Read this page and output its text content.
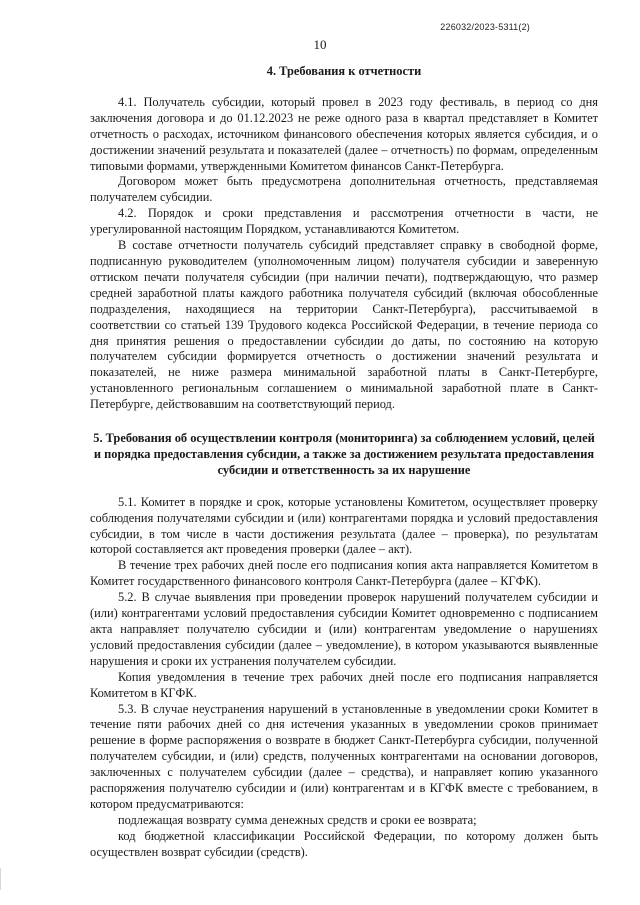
226032/2023-5311(2)
10

4. Требования к отчетности

4.1. Получатель субсидии, который провел в 2023 году фестиваль, в период со дня заключения договора и до 01.12.2023 не реже одного раза в квартал представляет в Комитет отчетность о расходах, источником финансового обеспечения которых является субсидия, и о достижении значений результата и показателей (далее – отчетность) по формам, определенным типовыми формами, утвержденными Комитетом финансов Санкт-Петербурга.

Договором может быть предусмотрена дополнительная отчетность, представляемая получателем субсидии.

4.2. Порядок и сроки представления и рассмотрения отчетности в части, не урегулированной настоящим Порядком, устанавливаются Комитетом.

В составе отчетности получатель субсидий представляет справку в свободной форме, подписанную руководителем (уполномоченным лицом) получателя субсидии и заверенную оттиском печати получателя субсидии (при наличии печати), подтверждающую, что размер средней заработной платы каждого работника получателя субсидий (включая обособленные подразделения, находящиеся на территории Санкт-Петербурга), рассчитываемой в соответствии со статьей 139 Трудового кодекса Российской Федерации, в течение периода со дня принятия решения о предоставлении субсидии до даты, по состоянию на которую получателем субсидии формируется отчетность о достижении значений результата и показателей, не ниже размера минимальной заработной платы в Санкт-Петербурге, установленного региональным соглашением о минимальной заработной плате в Санкт-Петербурге, действовавшим на соответствующий период.

5. Требования об осуществлении контроля (мониторинга) за соблюдением условий, целей и порядка предоставления субсидии, а также за достижением результата предоставления субсидии и ответственность за их нарушение

5.1. Комитет в порядке и срок, которые установлены Комитетом, осуществляет проверку соблюдения получателями субсидии и (или) контрагентами порядка и условий предоставления субсидии, в том числе в части достижения результата (далее – проверка), по результатам которой составляется акт проведения проверки (далее – акт).

В течение трех рабочих дней после его подписания копия акта направляется Комитетом в Комитет государственного финансового контроля Санкт-Петербурга (далее – КГФК).

5.2. В случае выявления при проведении проверок нарушений получателем субсидии и (или) контрагентами условий предоставления субсидии Комитет одновременно с подписанием акта направляет получателю субсидии и (или) контрагентам уведомление о нарушениях условий предоставления субсидии (далее – уведомление), в котором указываются выявленные нарушения и сроки их устранения получателем субсидии.

Копия уведомления в течение трех рабочих дней после его подписания направляется Комитетом в КГФК.

5.3. В случае неустранения нарушений в установленные в уведомлении сроки Комитет в течение пяти рабочих дней со дня истечения указанных в уведомлении сроков принимает решение в форме распоряжения о возврате в бюджет Санкт-Петербурга субсидии, полученной получателем субсидии, и (или) средств, полученных контрагентами на основании договоров, заключенных с получателем субсидии (далее – средства), и направляет копию указанного распоряжения получателю субсидии и (или) контрагентам и в КГФК вместе с требованием, в котором предусматриваются:

подлежащая возврату сумма денежных средств и сроки ее возврата;

код бюджетной классификации Российской Федерации, по которому должен быть осуществлен возврат субсидии (средств).
